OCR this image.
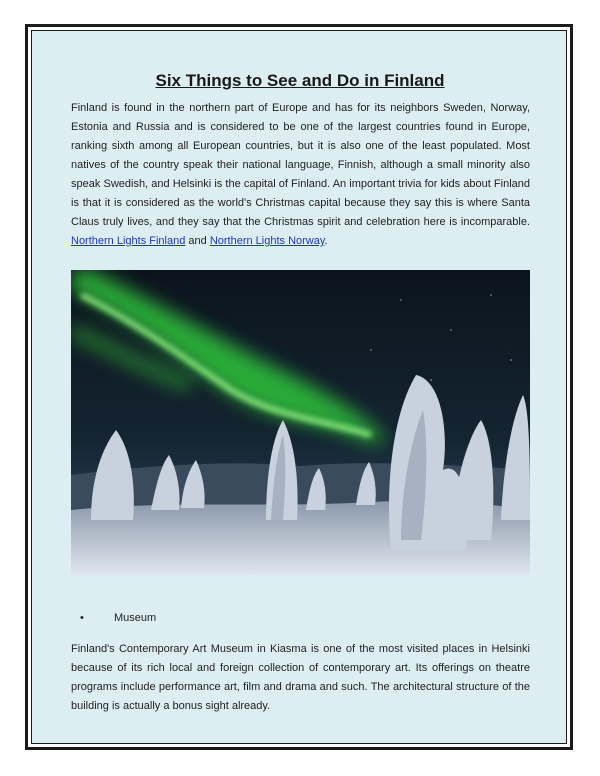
Six Things to See and Do in Finland

Finland is found in the northern part of Europe and has for its neighbors Sweden, Norway, Estonia and Russia and is considered to be one of the largest countries found in Europe, ranking sixth among all European countries, but it is also one of the least populated. Most natives of the country speak their national language, Finnish, although a small minority also speak Swedish, and Helsinki is the capital of Finland. An important trivia for kids about Finland is that it is considered as the world's Christmas capital because they say this is where Santa Claus truly lives, and they say that the Christmas spirit and celebration here is incomparable. Northern Lights Finland and Northern Lights Norway.

•	Museum

Finland's Contemporary Art Museum in Kiasma is one of the most visited places in Helsinki because of its rich local and foreign collection of contemporary art. Its offerings on theatre programs include performance art, film and drama and such. The architectural structure of the building is actually a bonus sight already.
